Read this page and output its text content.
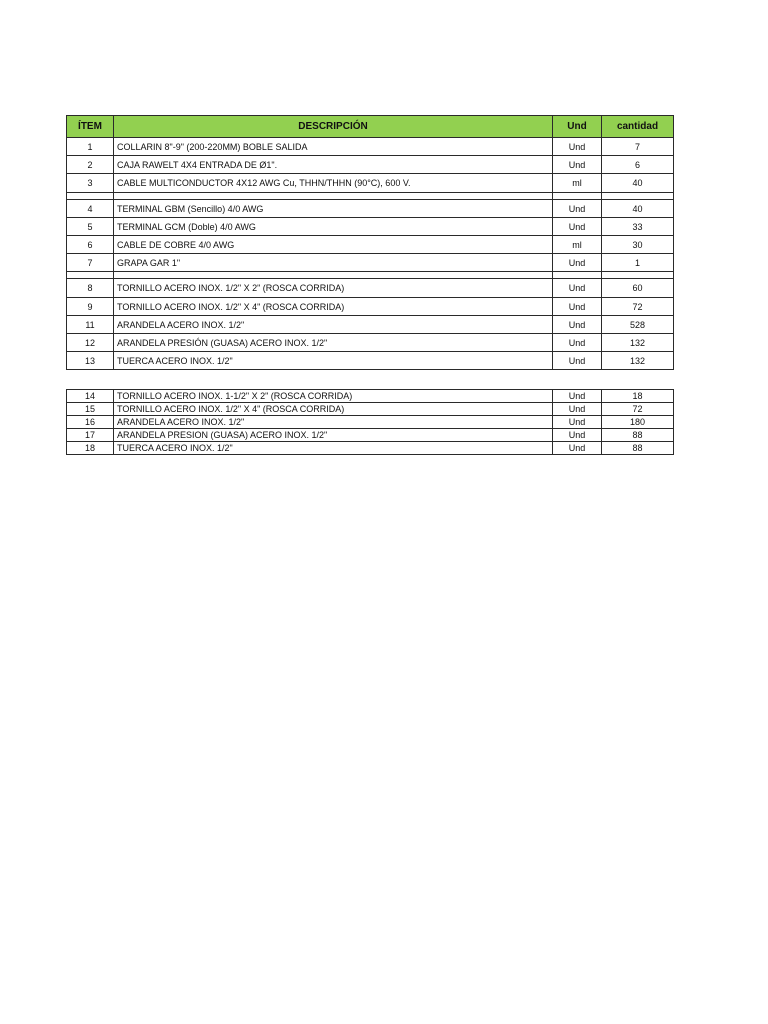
ÍTEM	DESCRIPCIÓN	Und	cantidad
1	COLLARIN 8"-9" (200-220MM) BOBLE SALIDA	Und	7
2	CAJA RAWELT 4X4 ENTRADA DE Ø1".	Und	6
3	CABLE MULTICONDUCTOR 4X12 AWG Cu, THHN/THHN (90°C), 600 V.	ml	40

4	TERMINAL GBM (Sencillo) 4/0 AWG	Und	40
5	TERMINAL GCM (Doble) 4/0 AWG	Und	33
6	CABLE DE COBRE 4/0 AWG	ml	30
7	GRAPA GAR 1"	Und	1

8	TORNILLO ACERO INOX. 1/2" X 2" (ROSCA CORRIDA)	Und	60
9	TORNILLO ACERO INOX. 1/2" X 4" (ROSCA CORRIDA)	Und	72
11	ARANDELA ACERO INOX. 1/2"	Und	528
12	ARANDELA PRESIÓN (GUASA) ACERO INOX. 1/2"	Und	132
13	TUERCA ACERO INOX. 1/2"	Und	132
14	TORNILLO ACERO INOX. 1-1/2" X 2" (ROSCA CORRIDA)	Und	18
15	TORNILLO ACERO INOX. 1/2" X 4" (ROSCA CORRIDA)	Und	72
16	ARANDELA ACERO INOX. 1/2"	Und	180
17	ARANDELA PRESION (GUASA) ACERO INOX. 1/2"	Und	88
18	TUERCA ACERO INOX. 1/2"	Und	88
